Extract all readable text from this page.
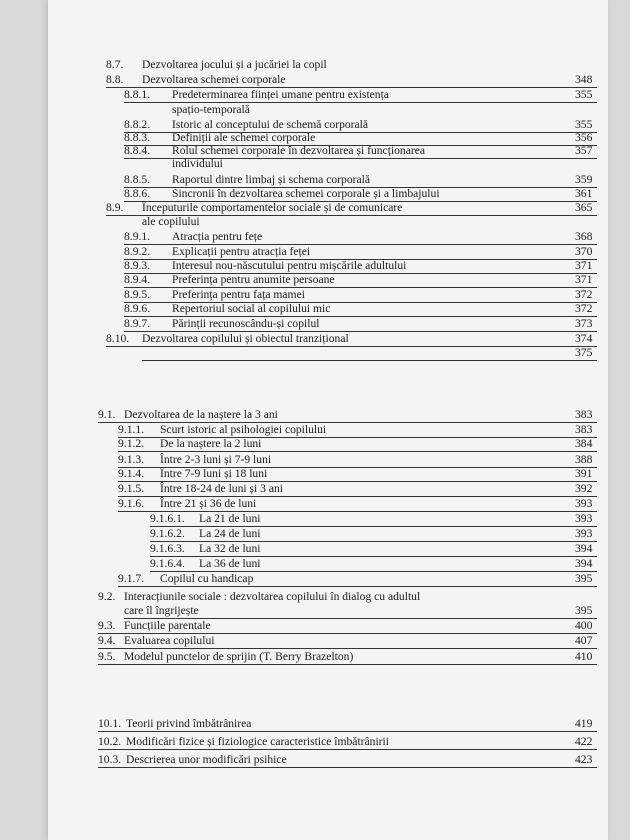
8.7. Dezvoltarea jocului și a jucăriei la copil
8.8. Dezvoltarea schemei corporale	348
8.8.1. Predeterminarea ființei umane pentru existența	355
spațio-temporală
8.8.2. Istoric al conceptului de schemă corporală	355
8.8.3. Definiții ale schemei corporale	356
8.8.4. Rolul schemei corporale în dezvoltarea și funcționarea	357
individului
8.8.5. Raportul dintre limbaj și schema corporală	359
8.8.6. Sincronii în dezvoltarea schemei corporale și a limbajului	361
8.9. Începuturile comportamentelor sociale și de comunicare	365
ale copilului
8.9.1. Atracția pentru fețe	368
8.9.2. Explicații pentru atracția feței	370
8.9.3. Interesul nou-născutului pentru mișcările adultului	371
8.9.4. Preferința pentru anumite persoane	371
8.9.5. Preferința pentru fața mamei	372
8.9.6. Repertoriul social al copilului mic	372
8.9.7. Părinții recunoscându-și copilul	373
8.10. Dezvoltarea copilului și obiectul tranzițional	374
375
9.1. Dezvoltarea de la naștere la 3 ani	383
9.1.1. Scurt istoric al psihologiei copilului	383
9.1.2. De la naștere la 2 luni	384
9.1.3. Între 2-3 luni și 7-9 luni	388
9.1.4. Între 7-9 luni și 18 luni	391
9.1.5. Între 18-24 de luni și 3 ani	392
9.1.6. Între 21 și 36 de luni	393
9.1.6.1. La 21 de luni	393
9.1.6.2. La 24 de luni	393
9.1.6.3. La 32 de luni	394
9.1.6.4. La 36 de luni	394
9.1.7. Copilul cu handicap	395
9.2. Interacțiunile sociale : dezvoltarea copilului în dialog cu adultul
care îl îngrijește	395
9.3. Funcțiile parentale	400
9.4. Evaluarea copilului	407
9.5. Modelul punctelor de sprijin (T. Berry Brazelton)	410
10.1. Teorii privind îmbătrânirea	419
10.2. Modificări fizice și fiziologice caracteristice îmbătrânirii	422
10.3. Descrierea unor modificări psihice	423
